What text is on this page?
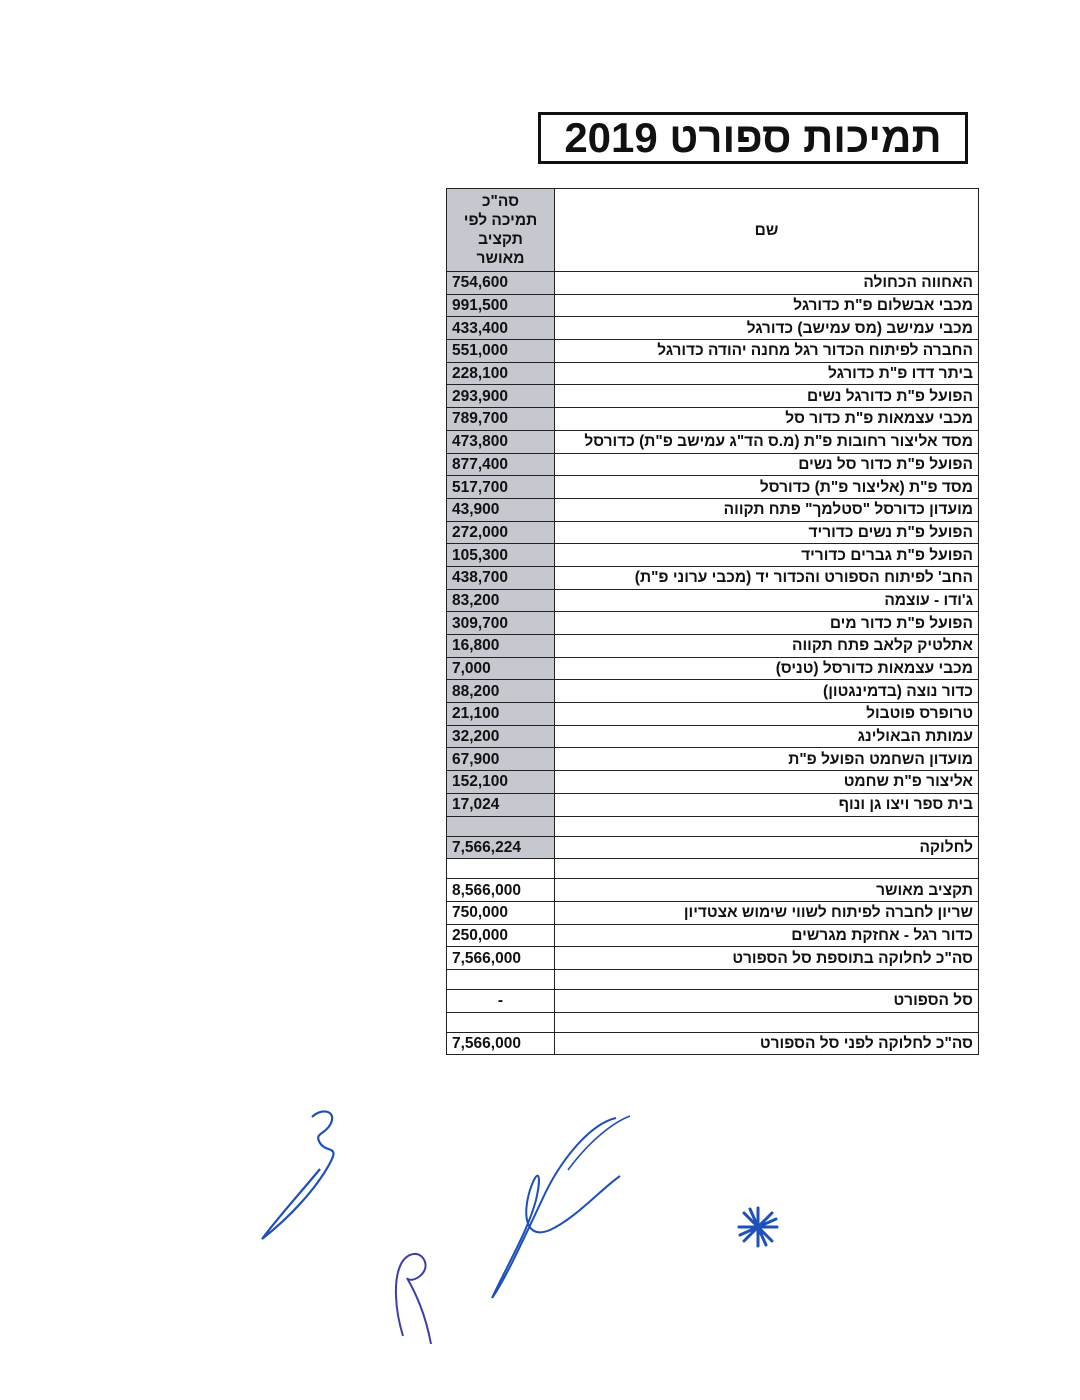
תמיכות ספורט 2019
שם	סה"כ
תמיכה לפי
תקציב
מאושר

האחווה הכחולה	754,600
מכבי אבשלום פ"ת כדורגל	991,500
מכבי עמישב (מס עמישב) כדורגל	433,400
החברה לפיתוח הכדור רגל מחנה יהודה כדורגל	551,000
ביתר דדו פ"ת כדורגל	228,100
הפועל פ"ת כדורגל נשים	293,900
מכבי עצמאות פ"ת כדור סל	789,700
מסד אליצור רחובות פ"ת (מ.ס הד"ג עמישב פ"ת) כדורסל	473,800
הפועל פ"ת כדור סל נשים	877,400
מסד פ"ת (אליצור פ"ת) כדורסל	517,700
מועדון כדורסל "סטלמך" פתח תקווה	43,900
הפועל פ"ת נשים כדוריד	272,000
הפועל פ"ת גברים כדוריד	105,300
החב' לפיתוח הספורט והכדור יד (מכבי ערוני פ"ת)	438,700
ג'ודו - עוצמה	83,200
הפועל פ"ת כדור מים	309,700
אתלטיק קלאב פתח תקווה	16,800
מכבי עצמאות כדורסל (טניס)	7,000
כדור נוצה (בדמינגטון)	88,200
טרופרס פוטבול	21,100
עמותת הבאולינג	32,200
מועדון השחמט הפועל פ"ת	67,900
אליצור פ"ת שחמט	152,100
בית ספר ויצו גן ונוף	17,024

לחלוקה	7,566,224

תקציב מאושר	8,566,000
שריון לחברה לפיתוח לשווי שימוש אצטדיון	750,000
כדור רגל - אחזקת מגרשים	250,000
סה"כ לחלוקה בתוספת סל הספורט	7,566,000

סל הספורט	-

סה"כ לחלוקה לפני סל הספורט	7,566,000
